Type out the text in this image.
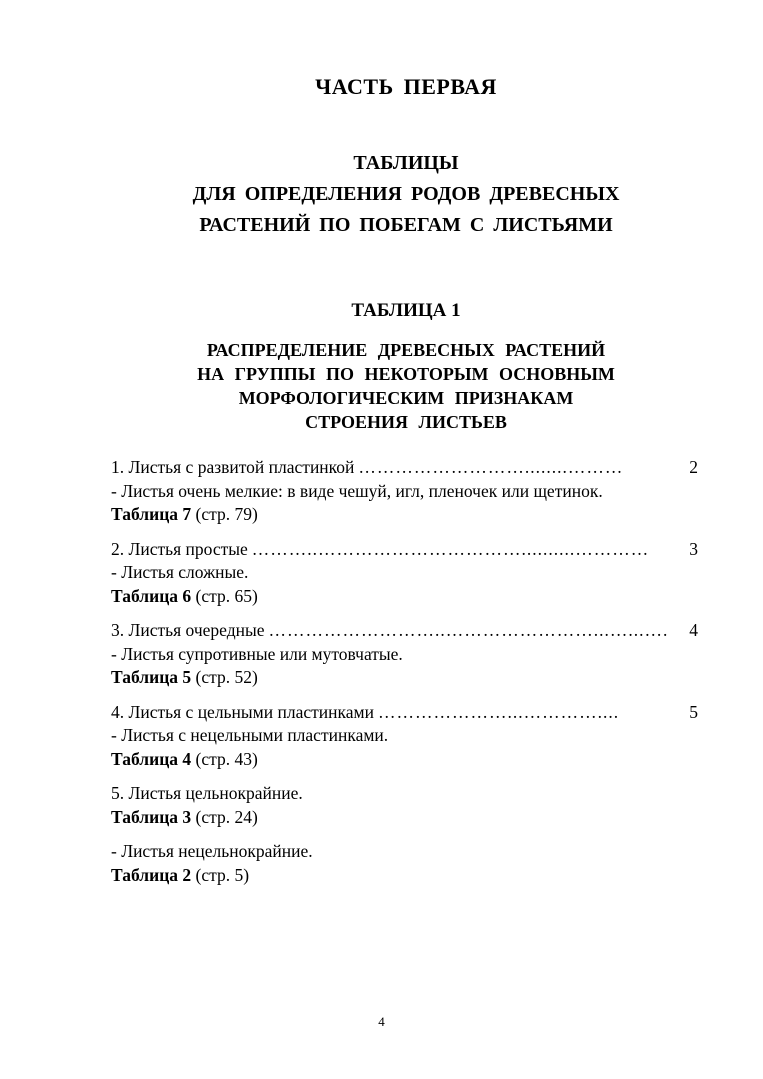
ЧАСТЬ ПЕРВАЯ
ТАБЛИЦЫ
ДЛЯ ОПРЕДЕЛЕНИЯ РОДОВ ДРЕВЕСНЫХ
РАСТЕНИЙ ПО ПОБЕГАМ С ЛИСТЬЯМИ
ТАБЛИЦА 1
РАСПРЕДЕЛЕНИЕ ДРЕВЕСНЫХ РАСТЕНИЙ
НА ГРУППЫ ПО НЕКОТОРЫМ ОСНОВНЫМ
МОРФОЛОГИЧЕСКИМ ПРИЗНАКАМ
СТРОЕНИЯ ЛИСТЬЕВ
1. Листья с развитой пластинкой ………………………........………	2
- Листья очень мелкие: в виде чешуй, игл, пленочек или щетинок.
Таблица 7 (стр. 79)
2. Листья простые ………..……………………………..........…………	3
- Листья сложные.
Таблица 6 (стр. 65)
3. Листья очередные ………………………..……………………...…...….	4
- Листья супротивные или мутовчатые.
Таблица 5 (стр. 52)
4. Листья с цельными пластинками …………………...…………....	5
- Листья с нецельными пластинками.
Таблица 4 (стр. 43)
5. Листья цельнокрайние.
Таблица 3 (стр. 24)
- Листья нецельнокрайние.
Таблица 2 (стр. 5)
4
